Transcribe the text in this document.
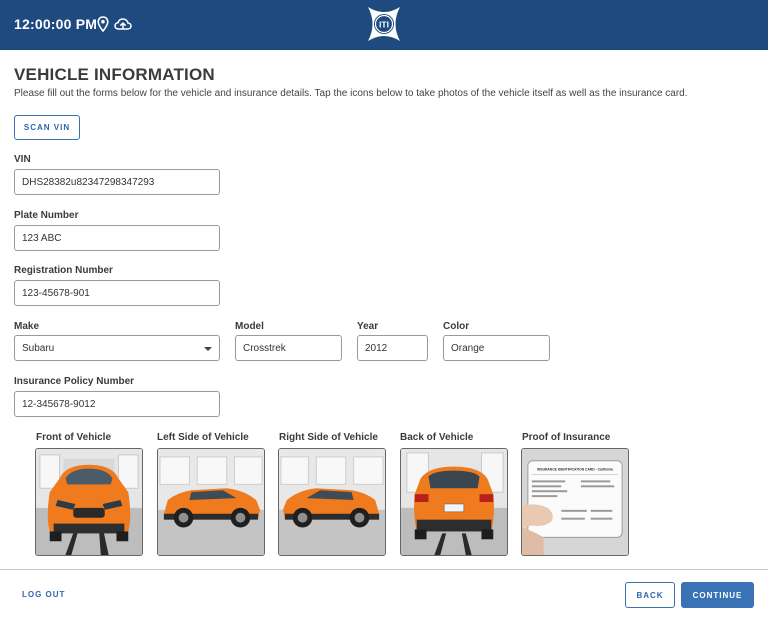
12:00:00 PM	ITI
VEHICLE INFORMATION
Please fill out the forms below for the vehicle and insurance details. Tap the icons below to take photos of the vehicle itself as well as the insurance card.
SCAN VIN
VIN
DHS28382u82347298347293
Plate Number
123 ABC
Registration Number
123-45678-901
Make
Subaru
Model
Crosstrek
Year
2012
Color
Orange
Insurance Policy Number
12-345678-9012
Front of Vehicle	Left Side of Vehicle	Right Side of Vehicle Back of Vehicle	Proof of Insurance
INSURANCE IDENTIFICATION CARD - California
LOG OUT	BACK	CONTINUE
